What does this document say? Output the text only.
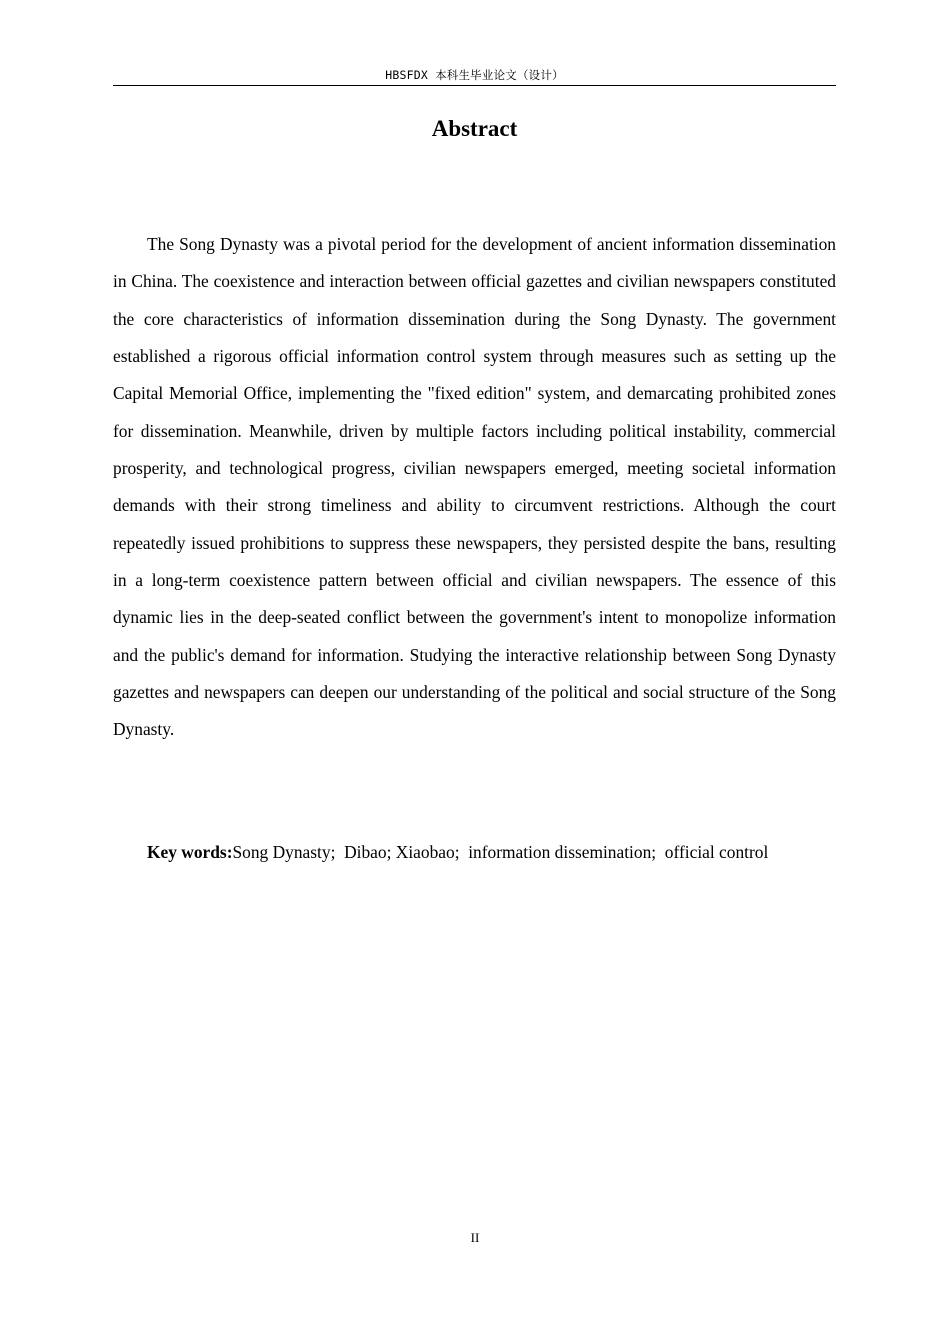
HBSFDX 本科生毕业论文（设计）
Abstract

The Song Dynasty was a pivotal period for the development of ancient information dissemination in China. The coexistence and interaction between official gazettes and civilian newspapers constituted the core characteristics of information dissemination during the Song Dynasty. The government established a rigorous official information control system through measures such as setting up the Capital Memorial Office, implementing the "fixed edition" system, and demarcating prohibited zones for dissemination. Meanwhile, driven by multiple factors including political instability, commercial prosperity, and technological progress, civilian newspapers emerged, meeting societal information demands with their strong timeliness and ability to circumvent restrictions. Although the court repeatedly issued prohibitions to suppress these newspapers, they persisted despite the bans, resulting in a long-term coexistence pattern between official and civilian newspapers. The essence of this dynamic lies in the deep-seated conflict between the government's intent to monopolize information and the public's demand for information. Studying the interactive relationship between Song Dynasty gazettes and newspapers can deepen our understanding of the political and social structure of the Song Dynasty.

Key words:Song Dynasty;  Dibao; Xiaobao;  information dissemination;  official control

II
